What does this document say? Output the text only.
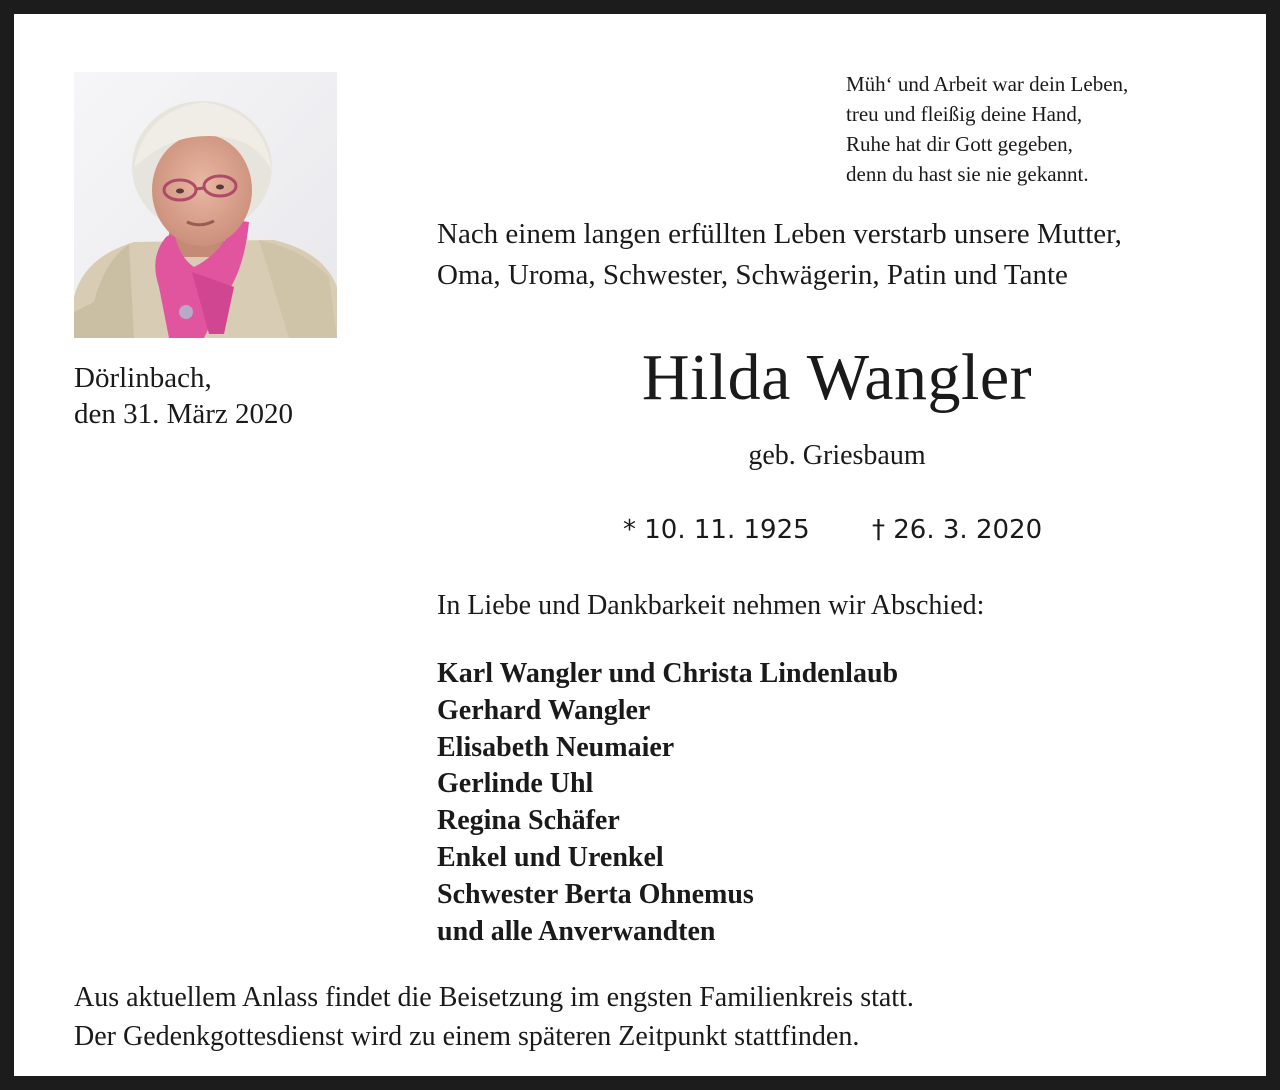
Dörlinbach,
den 31. März 2020
Müh‘ und Arbeit war dein Leben,
treu und fleißig deine Hand,
Ruhe hat dir Gott gegeben,
denn du hast sie nie gekannt.
Nach einem langen erfüllten Leben verstarb unsere Mutter,
Oma, Uroma, Schwester, Schwägerin, Patin und Tante
Hilda Wangler
geb. Griesbaum
* 10. 11. 1925 † 26. 3. 2020
In Liebe und Dankbarkeit nehmen wir Abschied:
Karl Wangler und Christa Lindenlaub
Gerhard Wangler
Elisabeth Neumaier
Gerlinde Uhl
Regina Schäfer
Enkel und Urenkel
Schwester Berta Ohnemus
und alle Anverwandten
Aus aktuellem Anlass findet die Beisetzung im engsten Familienkreis statt.
Der Gedenkgottesdienst wird zu einem späteren Zeitpunkt stattfinden.
